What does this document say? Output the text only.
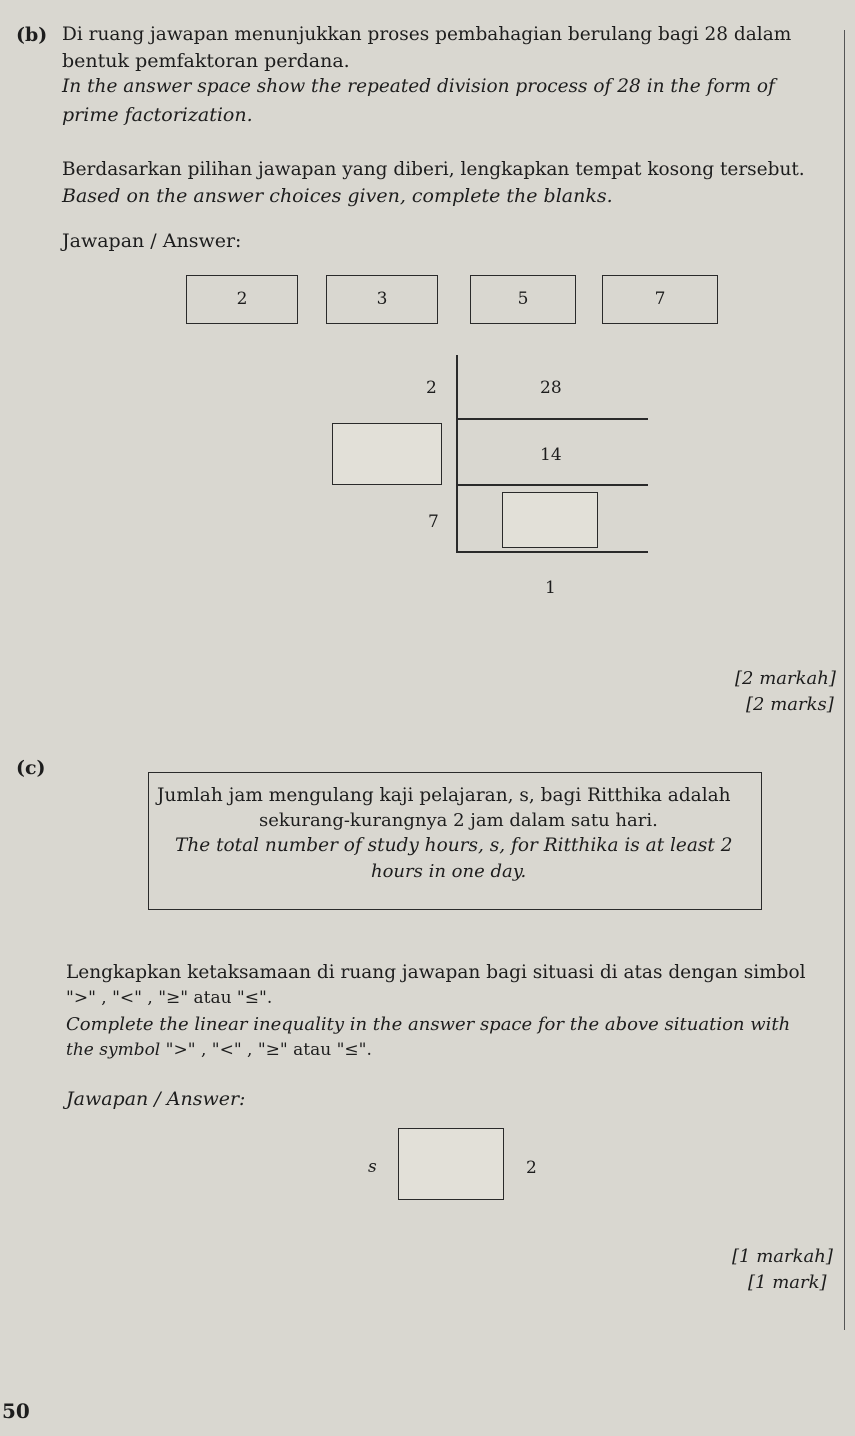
(b) Di ruang jawapan menunjukkan proses pembahagian berulang bagi 28 dalam
bentuk pemfaktoran perdana.
In the answer space show the repeated division process of 28 in the form of
prime factorization.
Berdasarkan pilihan jawapan yang diberi, lengkapkan tempat kosong tersebut.
Based on the answer choices given, complete the blanks.
Jawapan / Answer:
2	3	5	7
2	28
14
7
1
[2 markah]
[2 marks]
(c)
Jumlah jam mengulang kaji pelajaran, s, bagi Ritthika adalah
sekurang-kurangnya 2 jam dalam satu hari.
The total number of study hours, s, for Ritthika is at least 2
hours in one day.
Lengkapkan ketaksamaan di ruang jawapan bagi situasi di atas dengan simbol
">" , "<" , "≥" atau "≤".
Complete the linear inequality in the answer space for the above situation with
the symbol ">" , "<" , "≥" atau "≤".
Jawapan / Answer:
s	2
[1 markah]
[1 mark]
50
